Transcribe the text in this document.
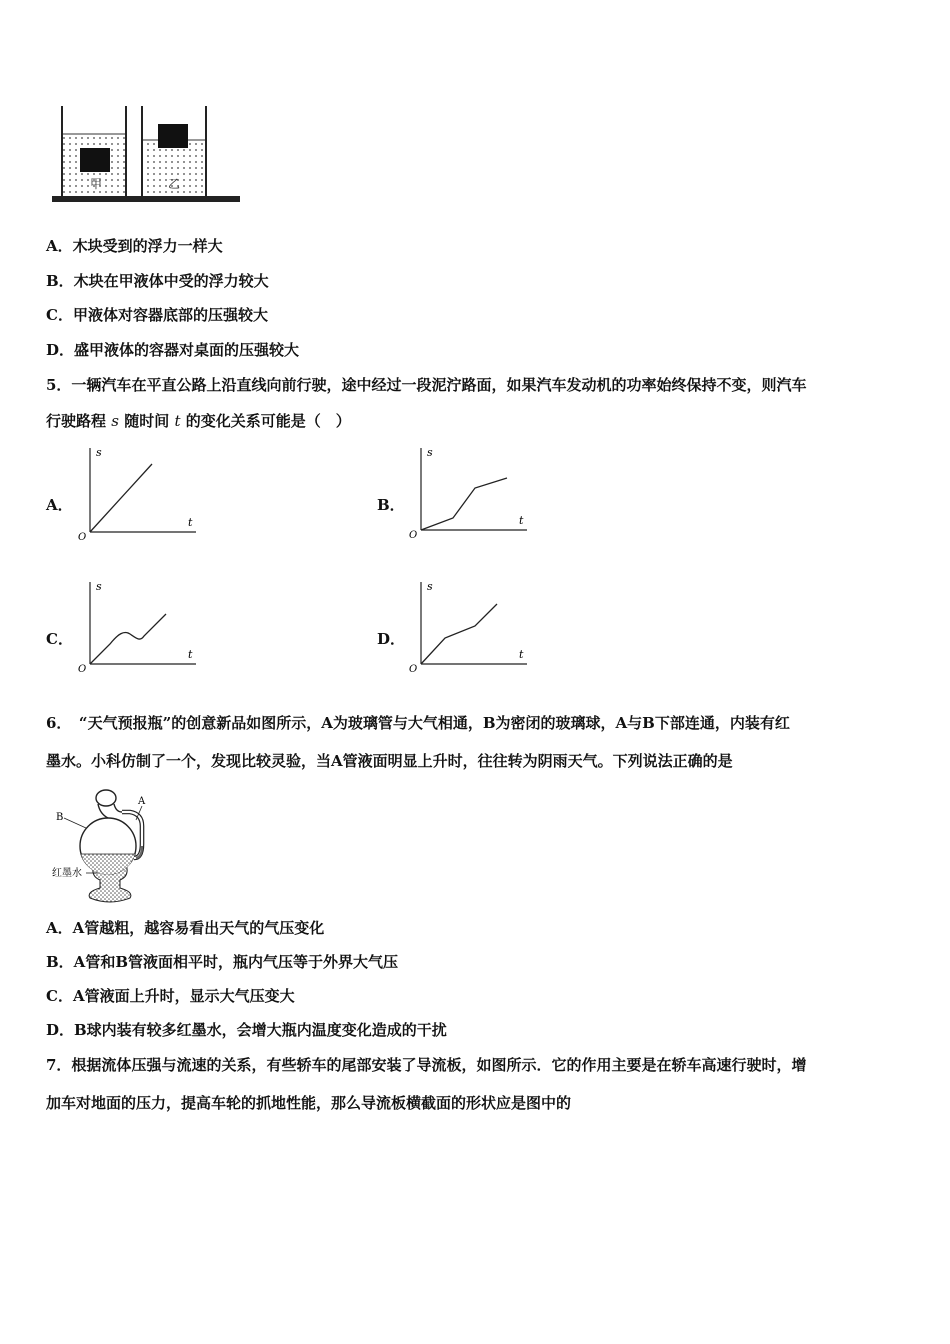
甲	乙
A．木块受到的浮力一样大
B．木块在甲液体中受的浮力较大
C．甲液体对容器底部的压强较大
D．盛甲液体的容器对桌面的压强较大
5．一辆汽车在平直公路上沿直线向前行驶，途中经过一段泥泞路面，如果汽车发动机的功率始终保持不变，则汽车
行驶路程 s 随时间 t 的变化关系可能是（　）
A．	B．
C．	D．
s
t
O
s
t
O
s
t
O
s
t
O
6．　“天气预报瓶”的创意新品如图所示，A为玻璃管与大气相通，B为密闭的玻璃球，A与B下部连通，内装有红
墨水。小科仿制了一个，发现比较灵验，当A管液面明显上升时，往往转为阴雨天气。下列说法正确的是
A
B
红墨水
A．A管越粗，越容易看出天气的气压变化
B．A管和B管液面相平时，瓶内气压等于外界大气压
C．A管液面上升时，显示大气压变大
D．B球内装有较多红墨水，会增大瓶内温度变化造成的干扰
7．根据流体压强与流速的关系，有些轿车的尾部安装了导流板，如图所示．它的作用主要是在轿车高速行驶时，增
加车对地面的压力，提高车轮的抓地性能，那么导流板横截面的形状应是图中的
